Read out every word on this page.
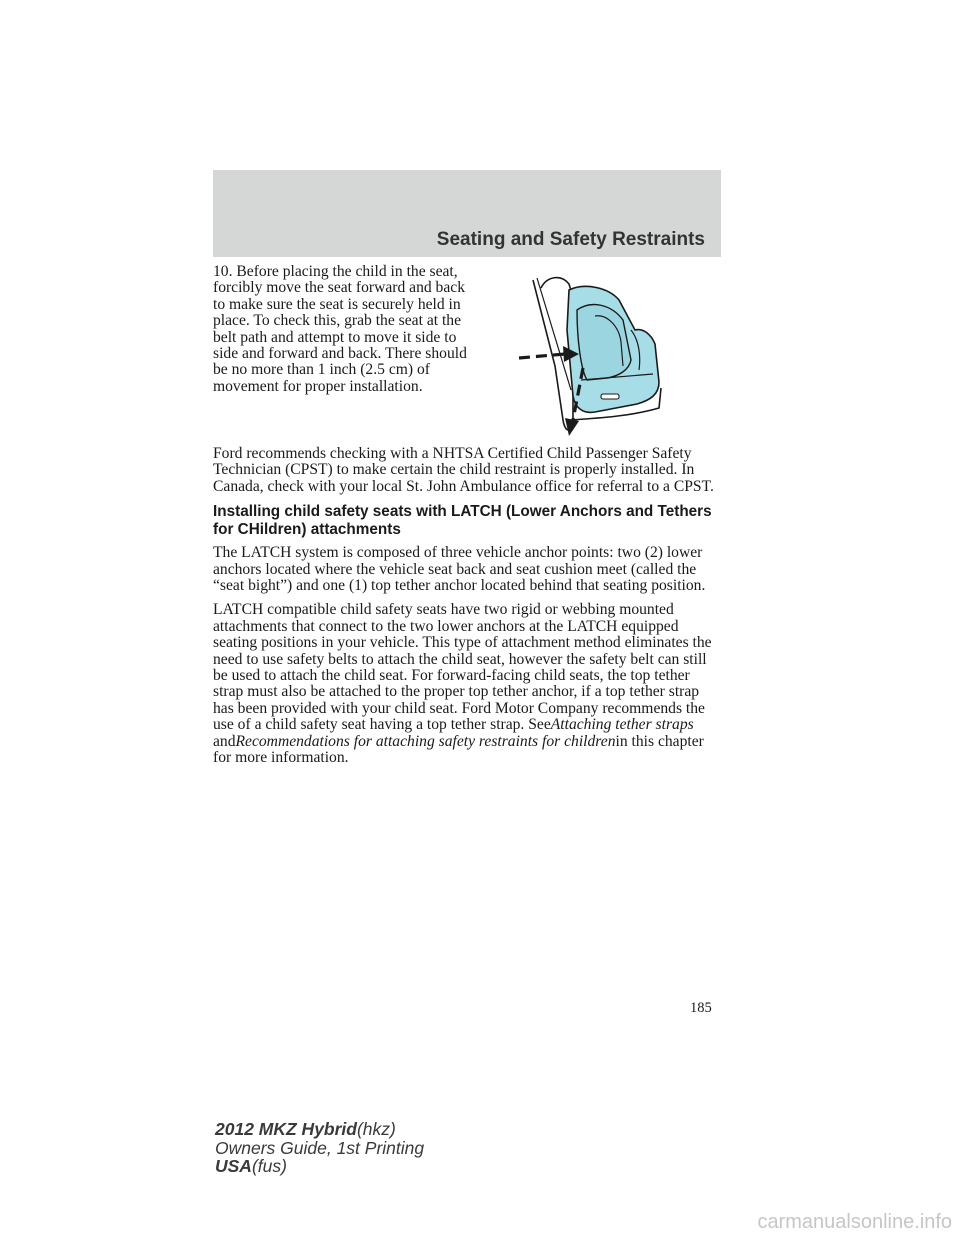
Seating and Safety Restraints

10. Before placing the child in the seat, forcibly move the seat forward and back to make sure the seat is securely held in place. To check this, grab the seat at the belt path and attempt to move it side to side and forward and back. There should be no more than 1 inch (2.5 cm) of movement for proper installation.

Ford recommends checking with a NHTSA Certified Child Passenger Safety Technician (CPST) to make certain the child restraint is properly installed. In Canada, check with your local St. John Ambulance office for referral to a CPST.

Installing child safety seats with LATCH (Lower Anchors and Tethers for CHildren) attachments

The LATCH system is composed of three vehicle anchor points: two (2) lower anchors located where the vehicle seat back and seat cushion meet (called the “seat bight”) and one (1) top tether anchor located behind that seating position.

LATCH compatible child safety seats have two rigid or webbing mounted attachments that connect to the two lower anchors at the LATCH equipped seating positions in your vehicle. This type of attachment method eliminates the need to use safety belts to attach the child seat, however the safety belt can still be used to attach the child seat. For forward-facing child seats, the top tether strap must also be attached to the proper top tether anchor, if a top tether strap has been provided with your child seat. Ford Motor Company recommends the use of a child safety seat having a top tether strap. SeeAttaching tether straps
andRecommendations for attaching safety restraints for childrenin this chapter for more information.

185
2012 MKZ Hybrid(hkz)
Owners Guide, 1st Printing
USA(fus)
carmanualsonline.info
